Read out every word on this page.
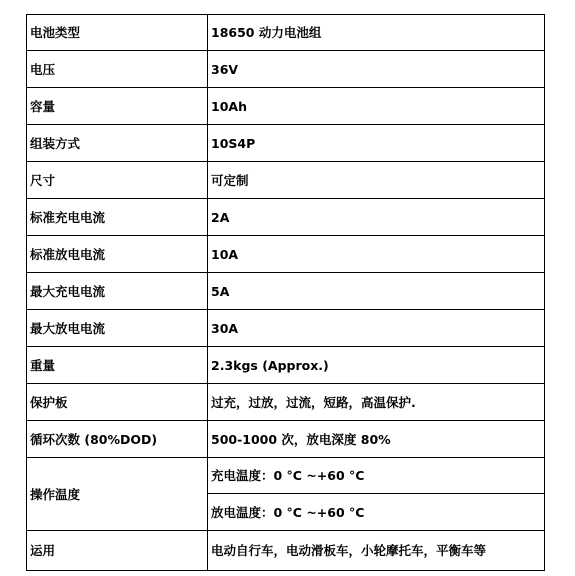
电池类型	18650 动力电池组
电压	36V
容量	10Ah
组装方式	10S4P
尺寸	可定制
标准充电电流	2A
标准放电电流	10A
最大充电电流	5A
最大放电电流	30A
重量	2.3kgs (Approx.)
保护板	过充，过放，过流，短路，高温保护.
循环次数 (80%DOD)	500-1000 次，放电深度 80%
操作温度	充电温度：0 °C ~+60 °C
	放电温度：0 °C ~+60 °C
运用	电动自行车，电动滑板车，小轮摩托车，平衡车等
